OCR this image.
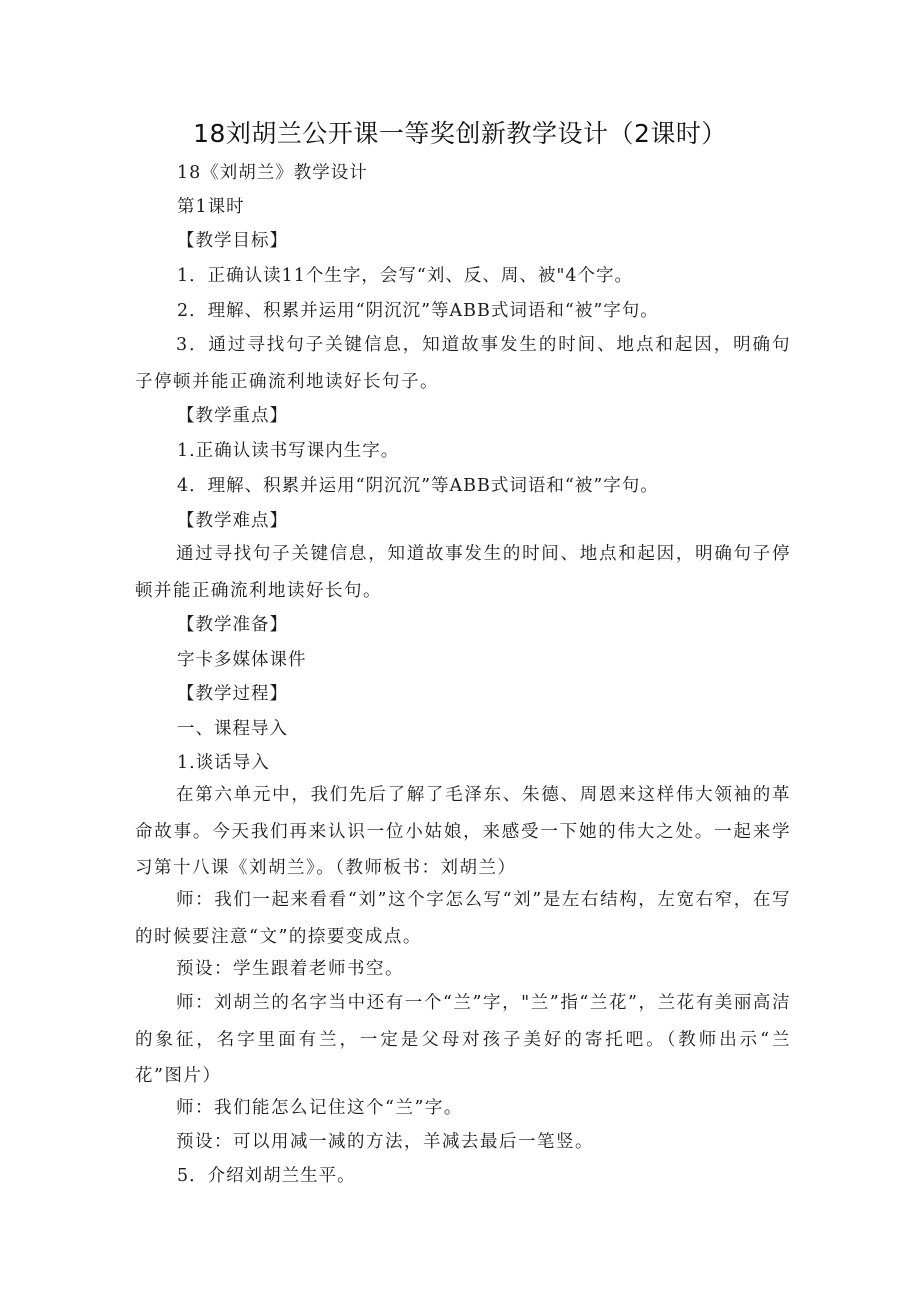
18刘胡兰公开课一等奖创新教学设计（2课时）
18《刘胡兰》教学设计
第1课时
【教学目标】
1．正确认读11个生字，会写“刘、反、周、被"4个字。
2．理解、积累并运用“阴沉沉”等ABB式词语和“被”字句。
3．通过寻找句子关键信息，知道故事发生的时间、地点和起因，明确句子停顿并能正确流利地读好长句子。
【教学重点】
1.正确认读书写课内生字。
4．理解、积累并运用“阴沉沉”等ABB式词语和“被”字句。
【教学难点】
通过寻找句子关键信息，知道故事发生的时间、地点和起因，明确句子停顿并能正确流利地读好长句。
【教学准备】
字卡多媒体课件
【教学过程】
一、课程导入
1.谈话导入
在第六单元中，我们先后了解了毛泽东、朱德、周恩来这样伟大领袖的革命故事。今天我们再来认识一位小姑娘，来感受一下她的伟大之处。一起来学习第十八课《刘胡兰》。（教师板书：刘胡兰）
师：我们一起来看看“刘”这个字怎么写“刘”是左右结构，左宽右窄，在写的时候要注意“文”的捺要变成点。
预设：学生跟着老师书空。
师：刘胡兰的名字当中还有一个“兰”字，"兰”指“兰花”，兰花有美丽高洁的象征，名字里面有兰，一定是父母对孩子美好的寄托吧。（教师出示“兰花”图片）
师：我们能怎么记住这个“兰”字。
预设：可以用减一减的方法，羊减去最后一笔竖。
5．介绍刘胡兰生平。
